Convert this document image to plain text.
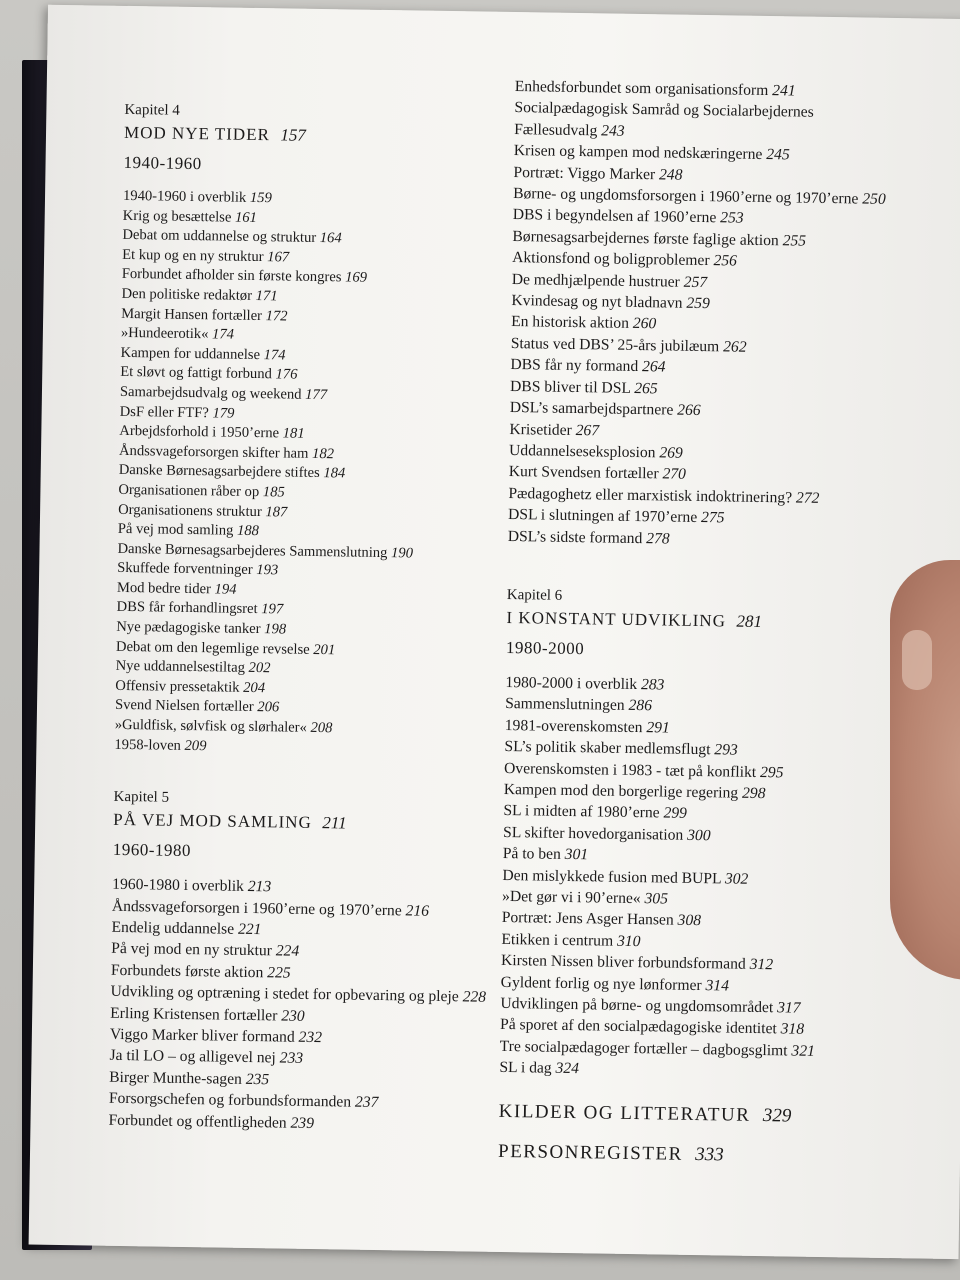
Kapitel 4
MOD NYE TIDER 157
1940-1960
1940-1960 i overblik 159
Krig og besættelse 161
Debat om uddannelse og struktur 164
Et kup og en ny struktur 167
Forbundet afholder sin første kongres 169
Den politiske redaktør 171
Margit Hansen fortæller 172
»Hundeerotik« 174
Kampen for uddannelse 174
Et sløvt og fattigt forbund 176
Samarbejdsudvalg og weekend 177
DsF eller FTF? 179
Arbejdsforhold i 1950’erne 181
Åndssvageforsorgen skifter ham 182
Danske Børnesagsarbejdere stiftes 184
Organisationen råber op 185
Organisationens struktur 187
På vej mod samling 188
Danske Børnesagsarbejderes Sammenslutning 190
Skuffede forventninger 193
Mod bedre tider 194
DBS får forhandlingsret 197
Nye pædagogiske tanker 198
Debat om den legemlige revselse 201
Nye uddannelsestiltag 202
Offensiv pressetaktik 204
Svend Nielsen fortæller 206
»Guldfisk, sølvfisk og slørhaler« 208
1958-loven 209
Kapitel 5
PÅ VEJ MOD SAMLING 211
1960-1980
1960-1980 i overblik 213
Åndssvageforsorgen i 1960’erne og 1970’erne 216
Endelig uddannelse 221
På vej mod en ny struktur 224
Forbundets første aktion 225
Udvikling og optræning i stedet for opbevaring og pleje 228
Erling Kristensen fortæller 230
Viggo Marker bliver formand 232
Ja til LO – og alligevel nej 233
Birger Munthe-sagen 235
Forsorgschefen og forbundsformanden 237
Forbundet og offentligheden 239
Enhedsforbundet som organisationsform 241
Socialpædagogisk Samråd og Socialarbejdernes
Fællesudvalg 243
Krisen og kampen mod nedskæringerne 245
Portræt: Viggo Marker 248
Børne- og ungdomsforsorgen i 1960’erne og 1970’erne 250
DBS i begyndelsen af 1960’erne 253
Børnesagsarbejdernes første faglige aktion 255
Aktionsfond og boligproblemer 256
De medhjælpende hustruer 257
Kvindesag og nyt bladnavn 259
En historisk aktion 260
Status ved DBS’ 25-års jubilæum 262
DBS får ny formand 264
DBS bliver til DSL 265
DSL’s samarbejdspartnere 266
Krisetider 267
Uddannelseseksplosion 269
Kurt Svendsen fortæller 270
Pædagoghetz eller marxistisk indoktrinering? 272
DSL i slutningen af 1970’erne 275
DSL’s sidste formand 278
Kapitel 6
I KONSTANT UDVIKLING 281
1980-2000
1980-2000 i overblik 283
Sammenslutningen 286
1981-overenskomsten 291
SL’s politik skaber medlemsflugt 293
Overenskomsten i 1983 - tæt på konflikt 295
Kampen mod den borgerlige regering 298
SL i midten af 1980’erne 299
SL skifter hovedorganisation 300
På to ben 301
Den mislykkede fusion med BUPL 302
»Det gør vi i 90’erne« 305
Portræt: Jens Asger Hansen 308
Etikken i centrum 310
Kirsten Nissen bliver forbundsformand 312
Gyldent forlig og nye lønformer 314
Udviklingen på børne- og ungdomsområdet 317
På sporet af den socialpædagogiske identitet 318
Tre socialpædagoger fortæller – dagbogsglimt 321
SL i dag 324
KILDER OG LITTERATUR 329
PERSONREGISTER 333
